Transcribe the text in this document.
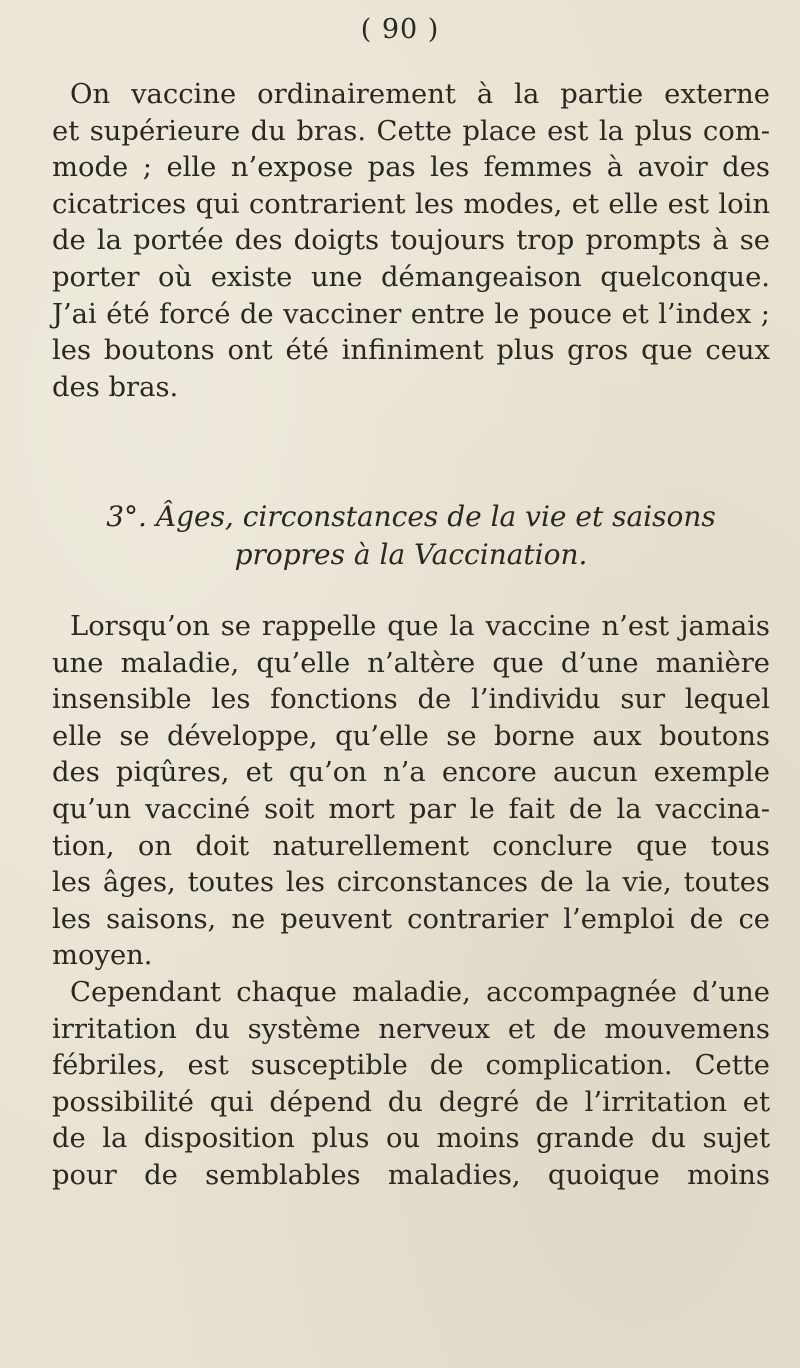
( 90 )
On vaccine ordinairement à la partie externe
et supérieure du bras. Cette place est la plus com-
mode ; elle n’expose pas les femmes à avoir des
cicatrices qui contrarient les modes, et elle est loin
de la portée des doigts toujours trop prompts à se
porter où existe une démangeaison quelconque.
J’ai été forcé de vacciner entre le pouce et l’index ;
les boutons ont été infiniment plus gros que ceux
des bras.
3°. Âges, circonstances de la vie et saisons
propres à la Vaccination.
Lorsqu’on se rappelle que la vaccine n’est jamais
une maladie, qu’elle n’altère que d’une manière
insensible les fonctions de l’individu sur lequel
elle se développe, qu’elle se borne aux boutons
des piqûres, et qu’on n’a encore aucun exemple
qu’un vacciné soit mort par le fait de la vaccina-
tion, on doit naturellement conclure que tous
les âges, toutes les circonstances de la vie, toutes
les saisons, ne peuvent contrarier l’emploi de ce
moyen.
Cependant chaque maladie, accompagnée d’une
irritation du système nerveux et de mouvemens
fébriles, est susceptible de complication. Cette
possibilité qui dépend du degré de l’irritation et
de la disposition plus ou moins grande du sujet
pour de semblables maladies, quoique moins
